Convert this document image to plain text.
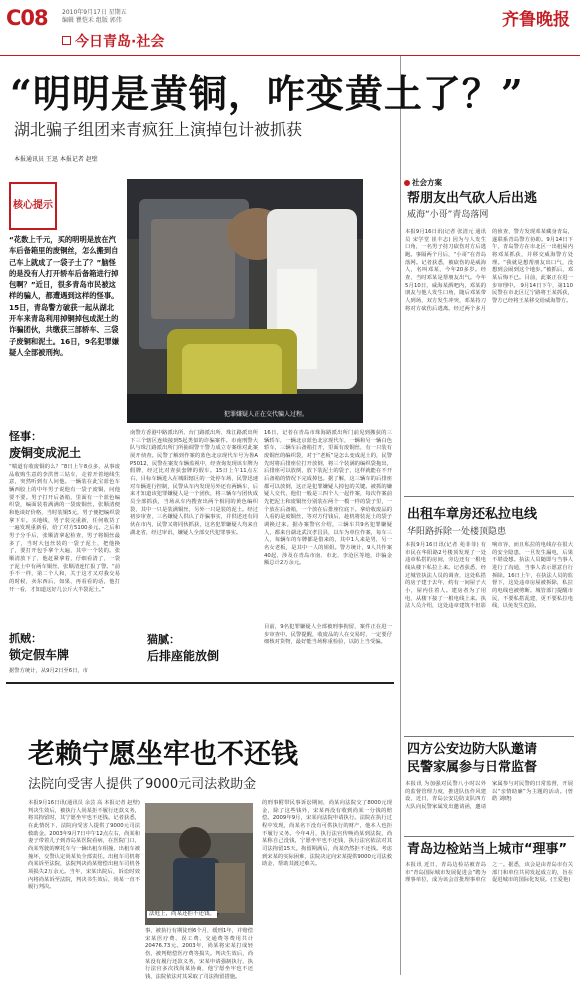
C08 2010年9月17日 星期五
编辑 瞿恺禾 组版 郭伟
今日青岛·社会
齐鲁晚报
“明明是黄铜，咋变黄土了？”
湖北骗子组团来青疯狂上演掉包计被抓获
本报通讯员 王迅 本报记者 赵壁
核心提示
“花数上千元，买的明明是放在汽车后备箱里的废铜丝，怎么搬到自己车上就成了一袋子土了？”脑怪的是没有人打开轿车后备箱进行掉包啊？”近日，很多青岛市民被这样的骗人，都遭遇到这样的怪事。15日，青岛警方破获一起从湖北开车来青岛利用掉铜掉包成泥土的诈骗团伙，共缴获三部轿车、三袋子废铜和泥土。16日，9名犯罪嫌疑人全部被刑拘。
犯罪嫌疑人正在交代骗人过程。
怪事：
废铜变成泥土
“喘道有收废铜的么？”8日上午8点多，从事废品收购生意的李洪曾三姑车，走着开着地线生意，突然听到有人问他。一辆装在此宝蓝色车辆西胶上的中年男子说他有一袋子废铜，问他要不要。男子打开后备箱，里面有一个蓝色编织袋，编面装着满满的一袋废铜丝，张顺清便和他谈好价格，当时装铜5元，男子便把编织袋拿下车。买地线，男子装完重新，任何收货了一遍发现重新看，给了对方5100多元。之后和男子分手后，张顺清拿起检查，男子将铜丝最多了，当时大包丝装的一袋子泥土，把他换了，要打开包手拿个大遍，其中一个装的。张顺清放下了，他赶紧拿着，仔细看清了，一袋子泥土中有两车铜丝，张顺清连忙报了警。“前手不一样，第二个人和，关于这才又对我交易的时候，卖东西后，如果，再看看的话，他打开一看，才知道这好几公斤大半袋泥土。”
抓贼：
锁定假车牌
据警方统计，从9月2日至6日，市
南警方香港中路派出所、台门路派出所、珠江路派出所下三个辖区连续接到5起类似的诈骗案件。市南刑警大队与珠江路派出所门所抽调警干警力成立专案组对此案展开侦查。民警了解到作案的蓝色北京现代车号为鲁A P5012，民警在案发车辆监视中，经查询发现该车牌为假牌，经过比对查获套牌的假车。15日上午11点左右，目标车辆进入在城阳辖区的一处停车场，民警迅速对车辆进行控制，民警从车内发现另外还有两辆车，后来才知道该犯罪嫌疑人是一个团伙，将三辆车与团伙成员全部抓获，当场从车内搜查出两个相同的黄色编织袋，其中一只是装满铜丝，另外一只是装的泥土。经过初步审查，三名嫌疑人供认了诈骗事实，并供述还有同伙在市内，民警又将同伙抓获，这名犯罪嫌疑人均来自湖北省，经过审讯，嫌疑人全部交代犯罪事实。
猫腻：
后排座能放倒
16日，记者在青岛市珠海路派出所门前见到搬获的三辆轿车，一辆北京蓝色北京现代车，一辆和另一辆白色轿车，三辆车后备箱打开，里面有废铜丝，有一只装有废铜丝的编织袋，对于“老板”是怎么变成泥土的，民警先时将后排座位打开放倒，将三个装满的编织袋拖出，后排座可以放倒，放下装泥土的袋子，这样就能在不开后备箱的情况下完成掉包。据了解，这三辆车的后排座都可以放倒，这正是犯罪嫌疑人掉包的关键。被抓的嫌疑人交代，他们一般是三四个人一起作案，每次作案前先把泥土和废铜丝分别装在两个一模一样的袋子里，一个放在后备箱，一个放在后排座位底下。拿给收废品的人看的是废铜丝，等对方付钱后，趁机将装泥土的袋子调换过来。据办案警官介绍，三辆车共9名犯罪嫌疑人，都来自湖北武汉孝昌县，以车为单位作案，每车三人，每辆车的车牌都是借来的，其中1人来是男，另一名女老板，是其中一人的姐姐。警方统计，9人共作案40起，涉及在青岛市南、市北、李沧区等地，诈骗金额总计2万余元。
目前，9名犯罪嫌疑人全部被刑事拘留，案件正在进一步审查中。民警提醒，收废品的人在交易时，一定要仔细核对货物，最好能当场称重检验，以防上当受骗。
老赖宁愿坐牢也不还钱
法院向受害人提供了9000元司法救助金
本报9月16日讯(通讯员 余芸 高 本报记者 赵壁) 判决生效后，被执行人尚某拒不履行还款义务，将其拘留时，其宁愿坐牢也不还钱。记者获悉，在此情况下，法院向受害人提供了9000元司法救助金。2003年9月7日中午12点左右，尚某和妻子带着儿子到青岛某医院看病，在医院门口，尚某驾驶的摩托车与一辆出租车相撞，出租车被撞坏，交警认定尚某负全部责任。出租车司机将尚某诉至法院，法院判决尚某赔偿出租车司机各项损失2万余元。当年，宋某出院后，诉讼时效内将尚某诉至法院，判决书生效后，尚某一直不履行判决。
法庭上，尚某还拒不还钱。
事，被执行有期徒刑6个月，缓刑1年，并赔偿宋某医疗费、误工费、交通费等费用共计20476.73元。2003年，尚某将宋某打成轻伤，被判赔偿医疗费等损失。判决生效后，尚某没有履行还款义务，宋某申请强制执行，执行法官多次找尚某协商，他宁愿坐牢也不还钱，法院依法对其采取了司法拘留措施。
的刑事附带民事诉讼期间，尚某向法院交了8000元现金，除了这些钱外，宋某再没有收到尚某一分钱的赔偿。2009年9月，宋某向法院申请执行。法院在执行过程中发现，尚某名下没有可供执行的财产，他本人也拒不履行义务。今年4月，执行法官传唤尚某到法院，尚某称自己没钱，宁愿坐牢也不还钱，执行法官依法对其司法拘留15天。拘留期满后，尚某仍然拒不还钱。考虑到宋某的实际困难，法院决定向宋某提供9000元司法救助金，帮助其渡过难关。
社会方案
帮朋友出气砍人后出逃
威海“小哥”青岛落网
本报9月16日讯(记者 张清元 通讯员 宋学堂 崔丰志) 因为与人发生口角，一名男子持刀砍伤对方后逃跑。事隔两个月后，“小哥”在青岛落网。记者获悉，被砍伤的是威海人，名叫邓某，今年20多岁。经查，当时邓某是帮朋友出气。今年5月10日，威海某酒吧内，邓某的朋友与他人发生口角，随后邓某带人到场，双方发生冲突，邓某持刀将对方砍伤后逃离。经过两个多月的侦查，警方发现邓某藏身青岛，遂联系青岛警方协助。9月14日下午，青岛警方在市北区一出租屋内将邓某抓获，并移交威海警方处理。“我就是想帮朋友出口气，没想到会闹到这个地步。”被抓后，邓某后悔不已。目前，此案正在进一步审理中。 9月14日下午，第110民警在市北区辽宁路将王某抓获，警方已经将王某移交给威海警方。
出租车章房还私拉电线
华阳路拆除一处楼顶隐患
本报9月16日讯(记者 苑菲菲) 有市民在华阳路2号楼顶发现了一处违章私搭的房间，旁边还有一根电线从楼下私拉上来。记者获悉，经过城管执法人员的调查，这处私搭的房子建于去年，约有一间屋子大小，屋内住着人。建房者为了用电，从楼下接了一根电线上来。执法人员介绍，这处违章建筑不但影响市容，而且私拉的电线存在很大的安全隐患，一旦发生漏电，后果不堪设想。执法人员随即与当事人进行了沟通，当事人表示愿意自行拆除。16日上午，在执法人员的监督下，这处违章房屋被拆除，私拉的电线也被剪断。城管部门提醒市民，不要私搭乱建，更不要私拉电线，以免发生危险。
四方公安边防大队邀请
民警家属参与日常监督
本报讯 为加强对民警八小时以外的监督管理力度，推进队伍作风建设，近日，青岛公安边防支队四方大队向民警家属发出邀请函，邀请家属参与对民警的日常监督，开展以“亲情助廉”为主题的活动。(曾皓 刘晓)
青岛边检站当上城市“理事”
本报讯 近日，青岛边检站被青岛市“青岛国际城市发展促进会”聘为理事单位，成为该会首批理事单位之一。据悉，该会是由青岛市有关部门和单位共同发起成立的，旨在促进城市的国际化发展。(王爱艳)
